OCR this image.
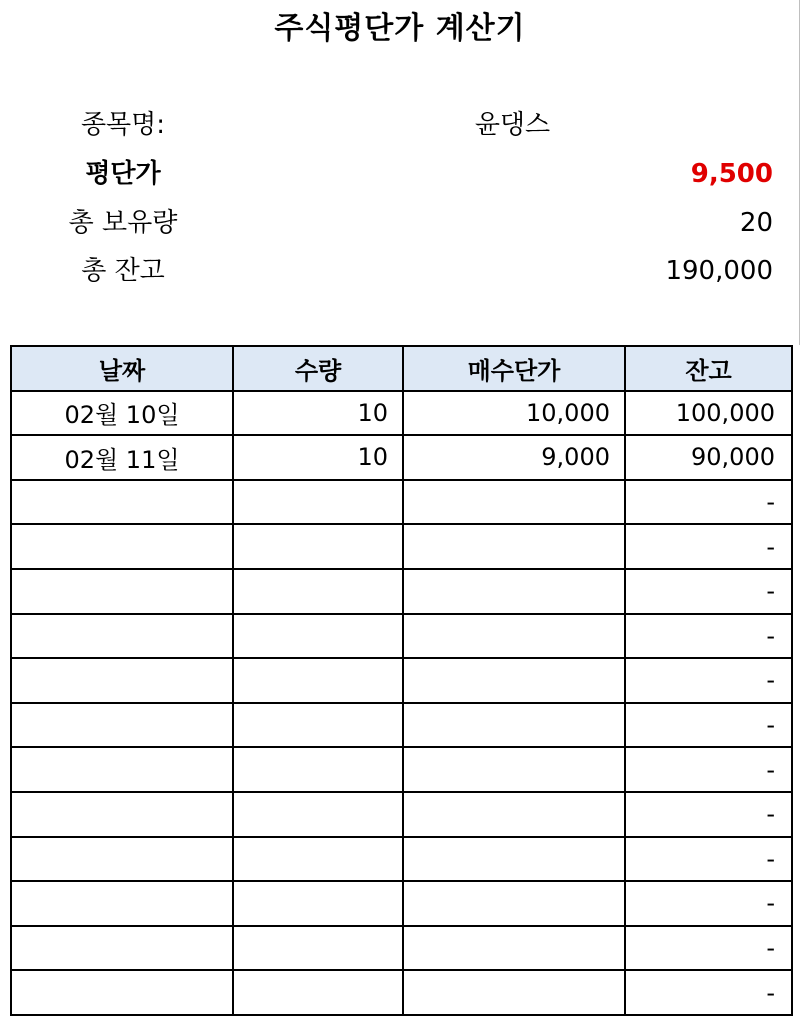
주식평단가 계산기
종목명:	윤댕스
평단가	9,500
총 보유량	20
총 잔고	190,000
날짜	수량	매수단가	잔고
02월 10일	10	10,000	100,000
02월 11일	10	9,000	90,000
			-
			-
			-
			-
			-
			-
			-
			-
			-
			-
			-
			-
